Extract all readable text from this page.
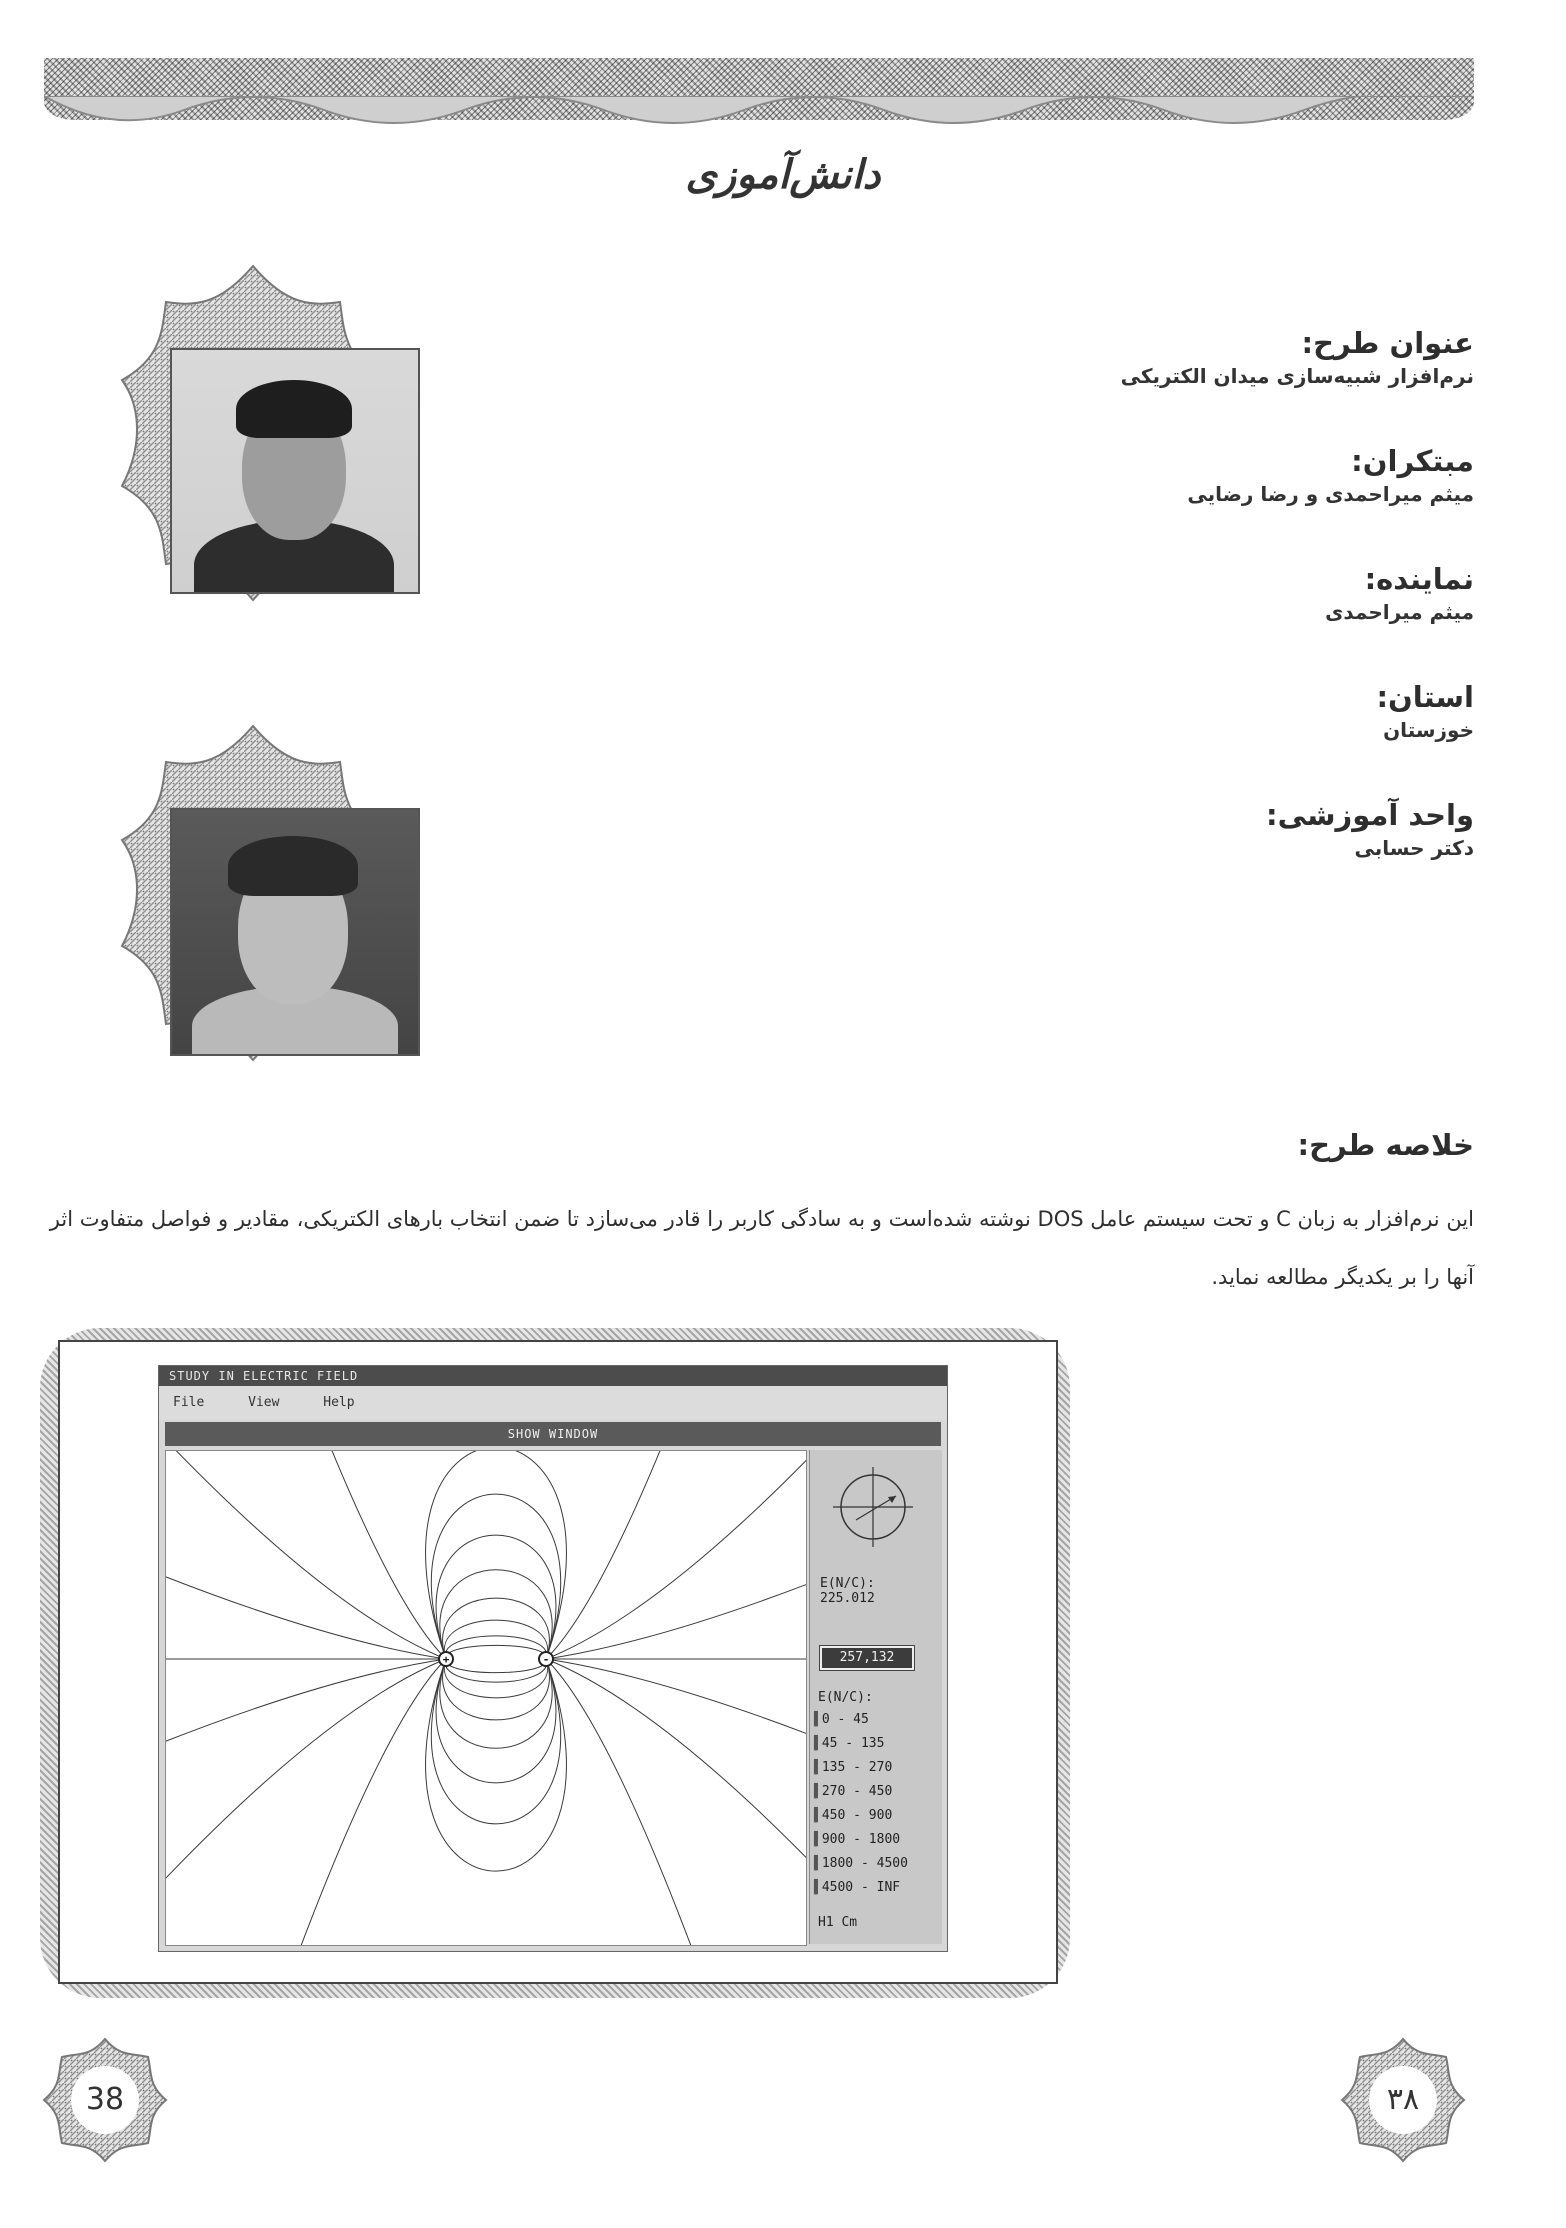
دانش‌آموزی
عنوان طرح:
نرم‌افزار شبیه‌سازی میدان الکتریکی
مبتکران:
میثم میراحمدی و رضا رضایی
نماینده:
میثم میراحمدی
استان:
خوزستان
واحد آموزشی:
دکتر حسابی
خلاصه طرح:
این نرم‌افزار به زبان C و تحت سیستم عامل DOS نوشته شده‌است و به سادگی کاربر را قادر می‌سازد تا ضمن انتخاب بارهای الکتریکی، مقادیر و فواصل متفاوت اثر آنها را بر یکدیگر مطالعه نماید.
STUDY IN ELECTRIC FIELD
File	View	Help
SHOW WINDOW
+	-
E(N/C):
225.012
257,132
E(N/C):
▌ 0 - 45
▌ 45 - 135
▌ 135 - 270
▌ 270 - 450
▌ 450 - 900
▌ 900 - 1800
▌ 1800 - 4500
▌ 4500 - INF
H1 Cm
38	۳۸
